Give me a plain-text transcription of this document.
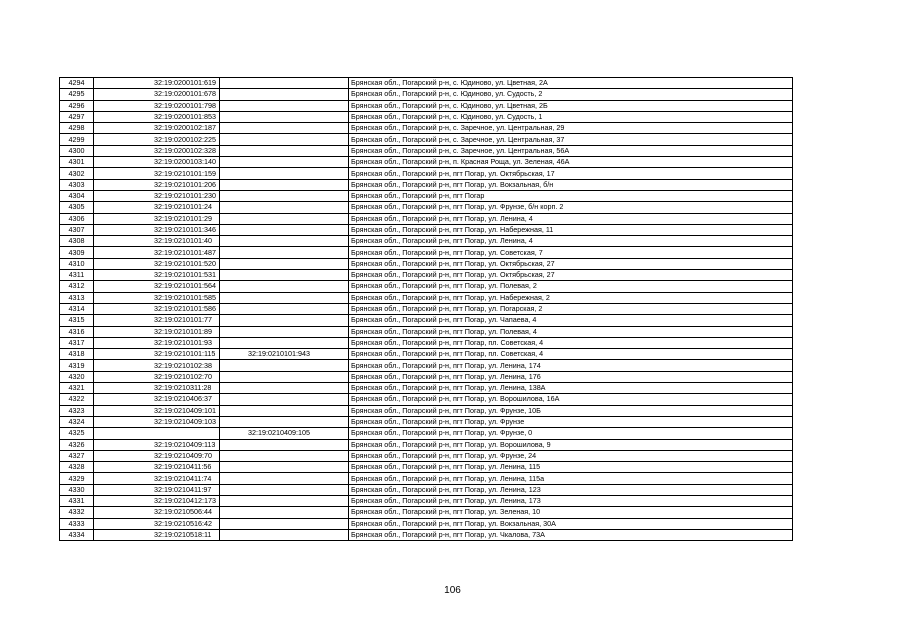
4294	32:19:0200101:619		Брянская обл., Погарский р-н, с. Юдиново, ул. Цветная, 2А
4295	32:19:0200101:678		Брянская обл., Погарский р-н, с. Юдиново, ул. Судость, 2
4296	32:19:0200101:798		Брянская обл., Погарский р-н, с. Юдиново, ул. Цветная, 2Б
4297	32:19:0200101:853		Брянская обл., Погарский р-н, с. Юдиново, ул. Судость, 1
4298	32:19:0200102:187		Брянская обл., Погарский р-н, с. Заречное, ул. Центральная, 29
4299	32:19:0200102:225		Брянская обл., Погарский р-н, с. Заречное, ул. Центральная, 37
4300	32:19:0200102:328		Брянская обл., Погарский р-н, с. Заречное, ул. Центральная, 56А
4301	32:19:0200103:140		Брянская обл., Погарский р-н, п. Красная Роща, ул. Зеленая, 46А
4302	32:19:0210101:159		Брянская обл., Погарский р-н, пгт Погар, ул. Октябрьская, 17
4303	32:19:0210101:206		Брянская обл., Погарский р-н, пгт Погар, ул. Вокзальная, б/н
4304	32:19:0210101:230		Брянская обл., Погарский р-н, пгт Погар
4305	32:19:0210101:24		Брянская обл., Погарский р-н, пгт Погар, ул. Фрунзе, б/н корп. 2
4306	32:19:0210101:29		Брянская обл., Погарский р-н, пгт Погар, ул. Ленина, 4
4307	32:19:0210101:346		Брянская обл., Погарский р-н, пгт Погар, ул. Набережная, 11
4308	32:19:0210101:40		Брянская обл., Погарский р-н, пгт Погар, ул. Ленина, 4
4309	32:19:0210101:487		Брянская обл., Погарский р-н, пгт Погар, ул. Советская, 7
4310	32:19:0210101:520		Брянская обл., Погарский р-н, пгт Погар, ул. Октябрьская, 27
4311	32:19:0210101:531		Брянская обл., Погарский р-н, пгт Погар, ул. Октябрьская, 27
4312	32:19:0210101:564		Брянская обл., Погарский р-н, пгт Погар, ул. Полевая, 2
4313	32:19:0210101:585		Брянская обл., Погарский р-н, пгт Погар, ул. Набережная, 2
4314	32:19:0210101:586		Брянская обл., Погарский р-н, пгт Погар, ул. Погарская, 2
4315	32:19:0210101:77		Брянская обл., Погарский р-н, пгт Погар, ул. Чапаева, 4
4316	32:19:0210101:89		Брянская обл., Погарский р-н, пгт Погар, ул. Полевая, 4
4317	32:19:0210101:93		Брянская обл., Погарский р-н, пгт Погар, пл. Советская, 4
4318	32:19:0210101:115	32:19:0210101:943	Брянская обл., Погарский р-н, пгт Погар, пл. Советская, 4
4319	32:19:0210102:38		Брянская обл., Погарский р-н, пгт Погар, ул. Ленина, 174
4320	32:19:0210102:70		Брянская обл., Погарский р-н, пгт Погар, ул. Ленина, 176
4321	32:19:0210311:28		Брянская обл., Погарский р-н, пгт Погар, ул. Ленина, 138А
4322	32:19:0210406:37		Брянская обл., Погарский р-н, пгт Погар, ул. Ворошилова, 16А
4323	32:19:0210409:101		Брянская обл., Погарский р-н, пгт Погар, ул. Фрунзе, 10Б
4324	32:19:0210409:103		Брянская обл., Погарский р-н, пгт Погар, ул. Фрунзе
4325		32:19:0210409:105	Брянская обл., Погарский р-н, пгт Погар, ул. Фрунзе, 0
4326	32:19:0210409:113		Брянская обл., Погарский р-н, пгт Погар, ул. Ворошилова, 9
4327	32:19:0210409:70		Брянская обл., Погарский р-н, пгт Погар, ул. Фрунзе, 24
4328	32:19:0210411:56		Брянская обл., Погарский р-н, пгт Погар, ул. Ленина, 115
4329	32:19:0210411:74		Брянская обл., Погарский р-н, пгт Погар, ул. Ленина, 115а
4330	32:19:0210411:97		Брянская обл., Погарский р-н, пгт Погар, ул. Ленина, 123
4331	32:19:0210412:173		Брянская обл., Погарский р-н, пгт Погар, ул. Ленина, 173
4332	32:19:0210506:44		Брянская обл., Погарский р-н, пгт Погар, ул. Зеленая, 10
4333	32:19:0210516:42		Брянская обл., Погарский р-н, пгт Погар, ул. Вокзальная, 30А
4334	32:19:0210518:11		Брянская обл., Погарский р-н, пгт Погар, ул. Чкалова, 73А
106
